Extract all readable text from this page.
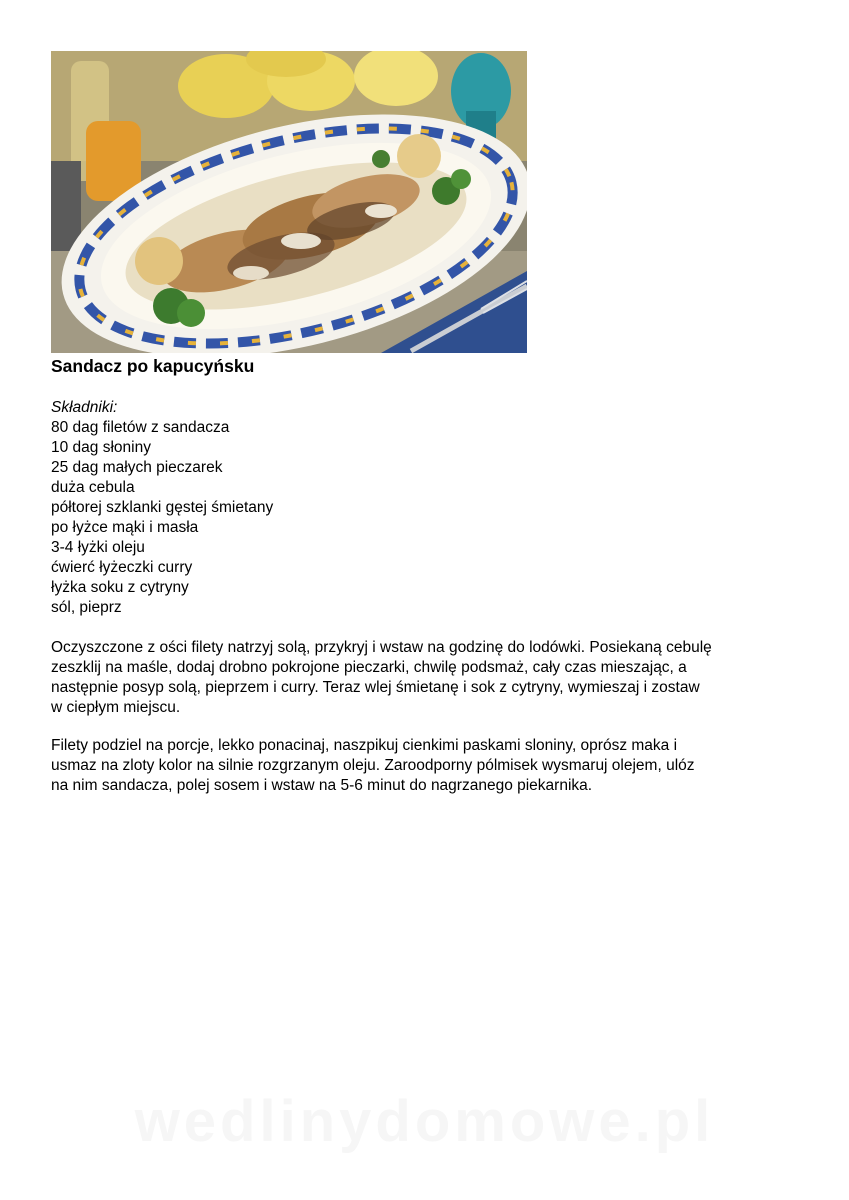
Sandacz po kapucyńsku
Składniki:
80 dag filetów z sandacza
10 dag słoniny
25 dag małych pieczarek
duża cebula
półtorej szklanki gęstej śmietany
po łyżce mąki i masła
3-4 łyżki oleju
ćwierć łyżeczki curry
łyżka soku z cytryny
sól, pieprz
Oczyszczone z ości filety natrzyj solą, przykryj i wstaw na godzinę do lodówki. Posiekaną cebulę
zeszklij na maśle, dodaj drobno pokrojone pieczarki, chwilę podsmaż, cały czas mieszając, a
następnie posyp solą, pieprzem i curry. Teraz wlej śmietanę i sok z cytryny, wymieszaj i zostaw
w ciepłym miejscu.
Filety podziel na porcje, lekko ponacinaj, naszpikuj cienkimi paskami sloniny, oprósz maka i
usmaz na zloty kolor na silnie rozgrzanym oleju. Zaroodporny pólmisek wysmaruj olejem, ulóz
na nim sandacza, polej sosem i wstaw na 5-6 minut do nagrzanego piekarnika.
wedlinydomowe.pl
